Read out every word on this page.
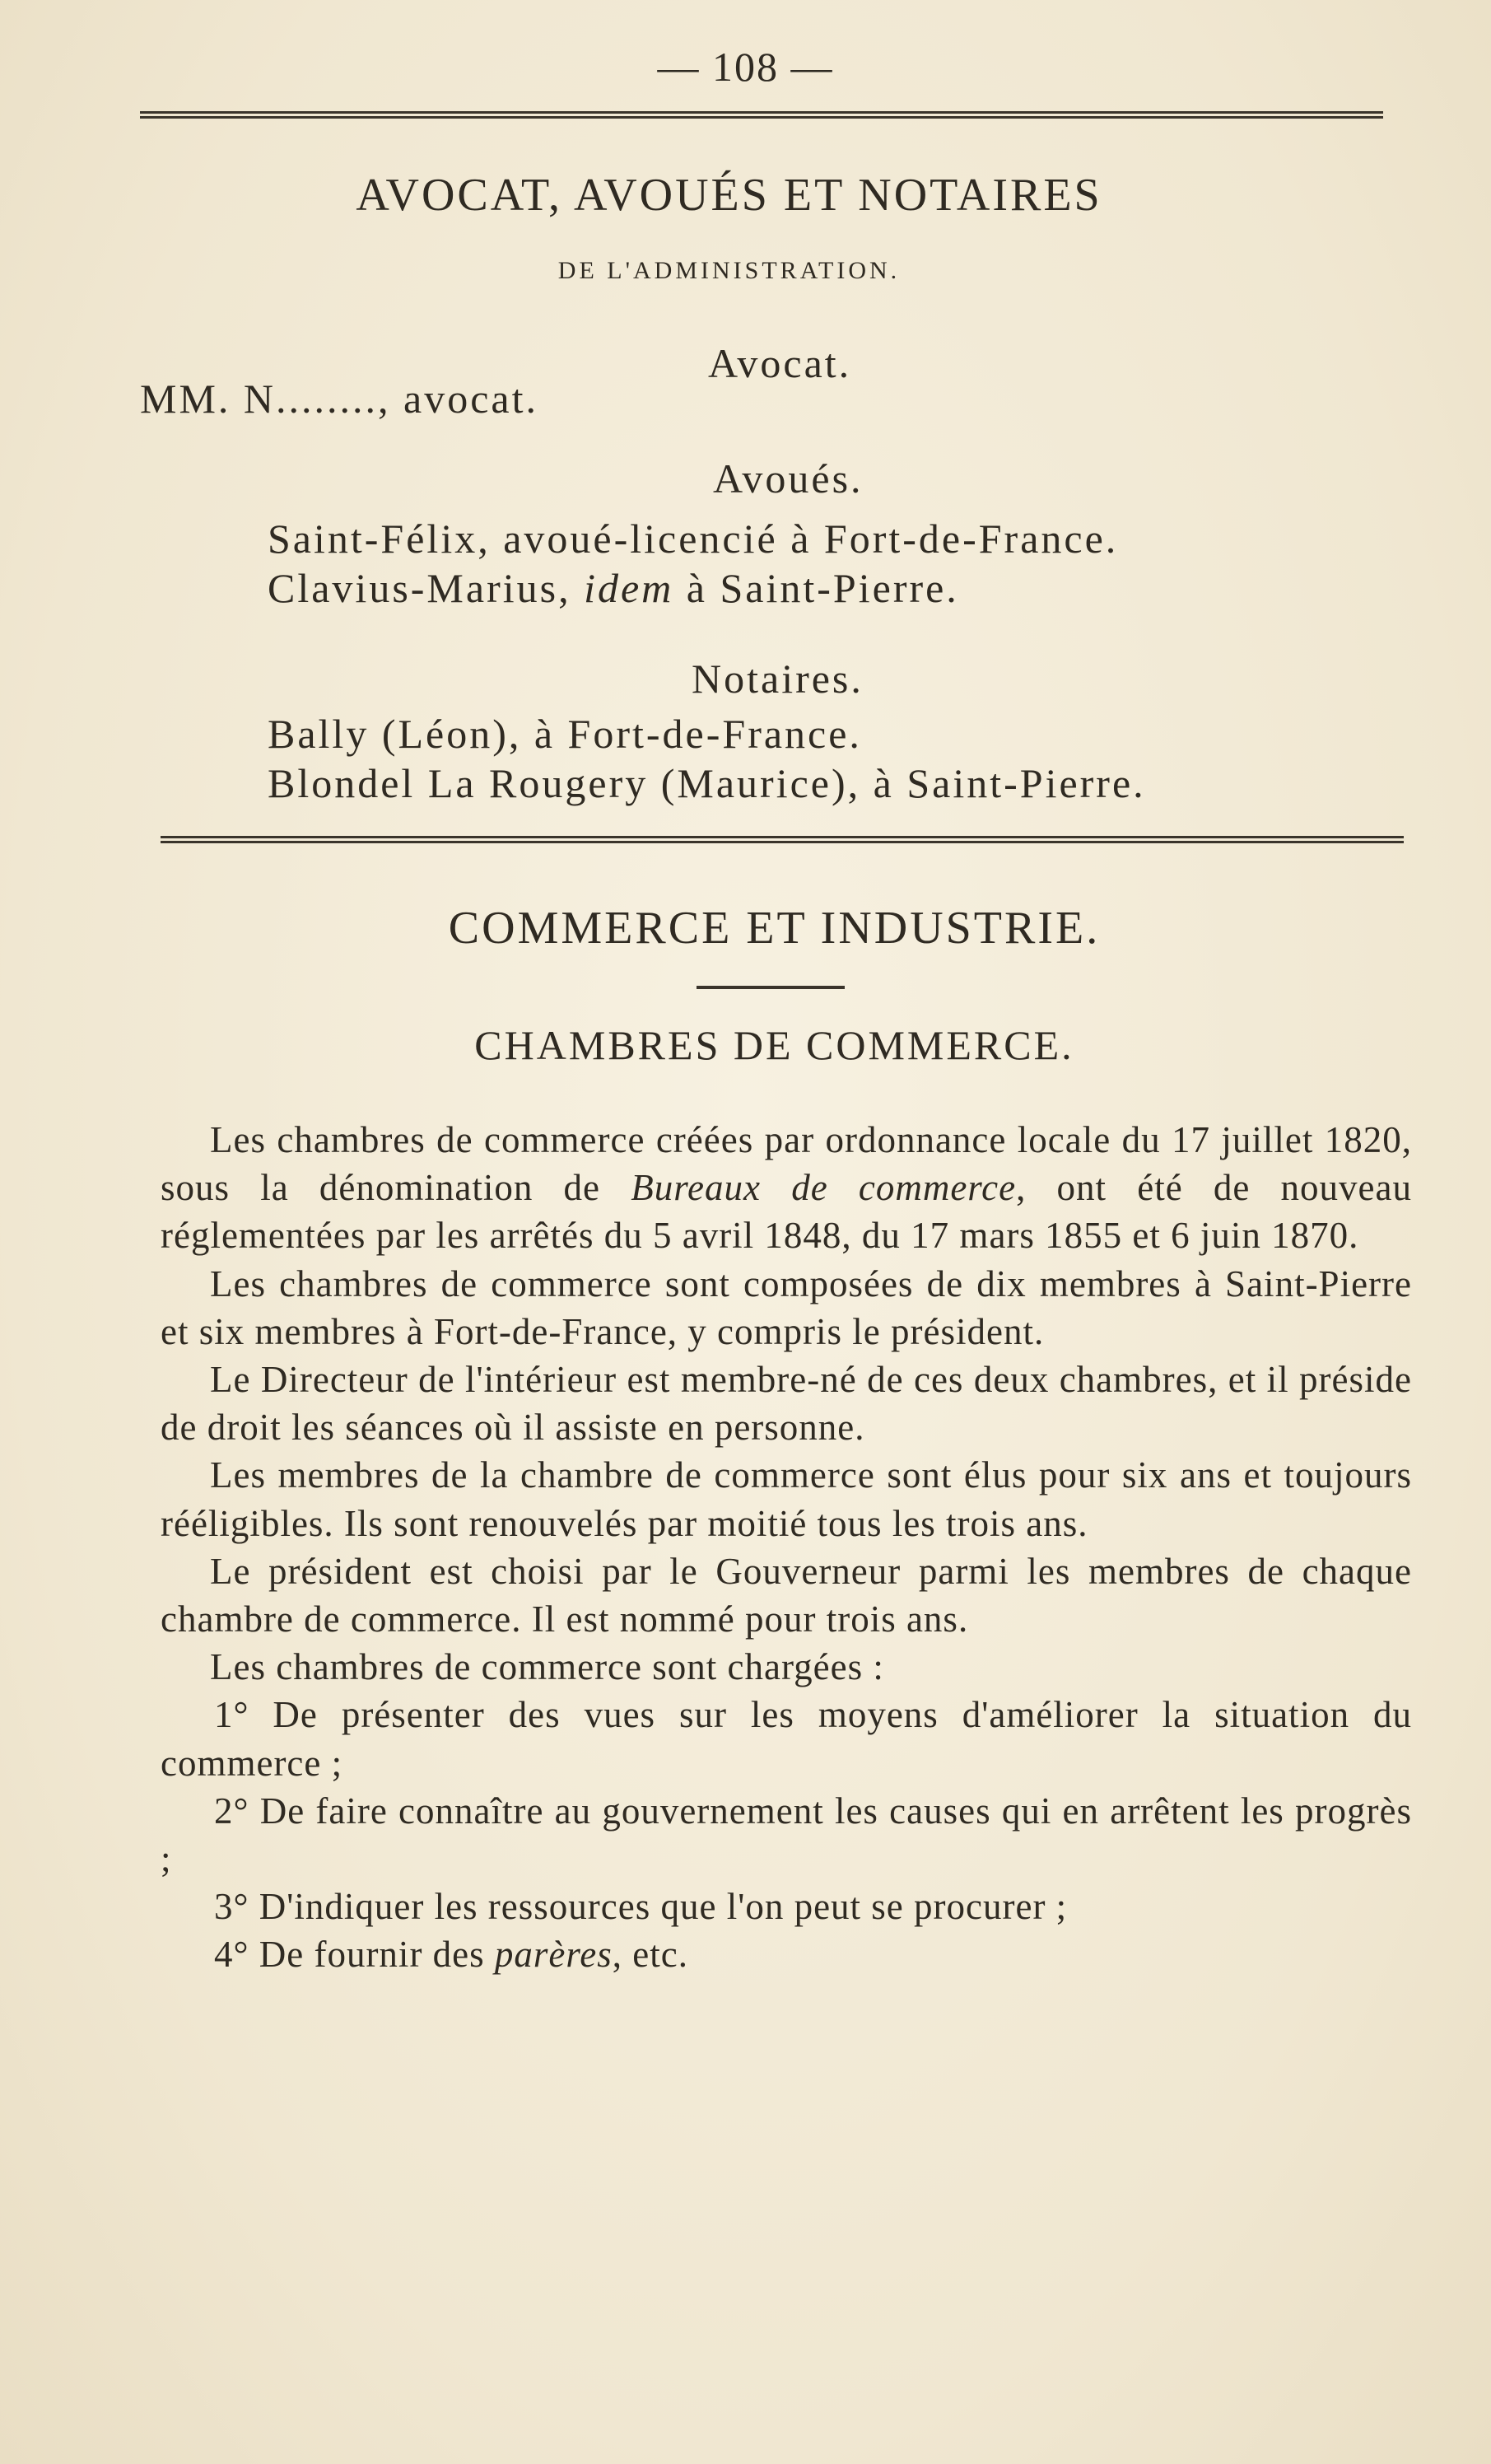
— 108 —
AVOCAT, AVOUÉS ET NOTAIRES
DE L'ADMINISTRATION.
Avocat.
MM. N........, avocat.
Avoués.
Saint-Félix, avoué-licencié à Fort-de-France.
Clavius-Marius, idem à Saint-Pierre.
Notaires.
Bally (Léon), à Fort-de-France.
Blondel La Rougery (Maurice), à Saint-Pierre.
COMMERCE ET INDUSTRIE.
CHAMBRES DE COMMERCE.

Les chambres de commerce créées par ordonnance locale du 17 juillet 1820, sous la dénomination de Bureaux de commerce, ont été de nouveau réglementées par les arrêtés du 5 avril 1848, du 17 mars 1855 et 6 juin 1870.

Les chambres de commerce sont composées de dix membres à Saint-Pierre et six membres à Fort-de-France, y compris le président.

Le Directeur de l'intérieur est membre-né de ces deux chambres, et il préside de droit les séances où il assiste en personne.

Les membres de la chambre de commerce sont élus pour six ans et toujours rééligibles. Ils sont renouvelés par moitié tous les trois ans.

Le président est choisi par le Gouverneur parmi les membres de chaque chambre de commerce. Il est nommé pour trois ans.

Les chambres de commerce sont chargées :

1° De présenter des vues sur les moyens d'améliorer la situation du commerce ;

2° De faire connaître au gouvernement les causes qui en arrêtent les progrès ;

3° D'indiquer les ressources que l'on peut se procurer ;

4° De fournir des parères, etc.
